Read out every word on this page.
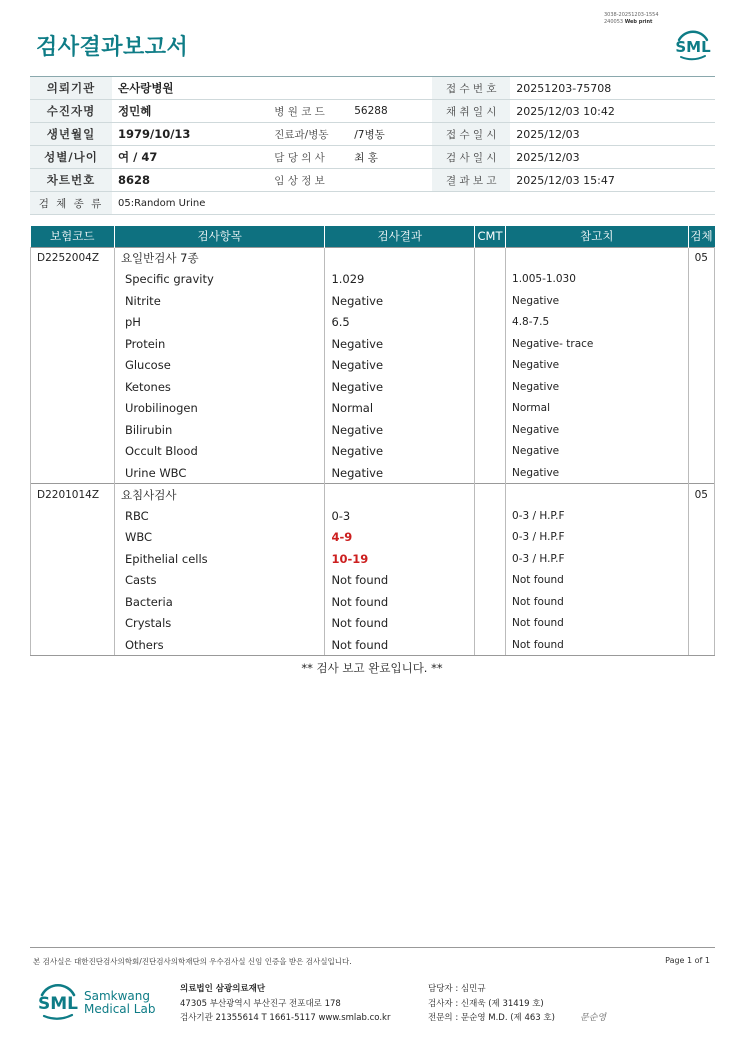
3038-20251203-1554
240053 Web print
검사결과보고서	SML
의뢰기관	온사랑병원			접 수 번 호	20251203-75708
수진자명	정민혜	병 원 코 드	56288	채 취 일 시	2025/12/03 10:42
생년월일	1979/10/13	진료과/병동	/7병동	접 수 일 시	2025/12/03
성별/나이	여 / 47	담 당 의 사	최 홍	검 사 일 시	2025/12/03
차트번호	8628	임 상 정 보		결 과 보 고	2025/12/03 15:47
검 체 종 류	05:Random Urine				
보험코드	검사항목	검사결과	CMT	참고치	검체
D2252004Z	요일반검사 7종				05
	Specific gravity	1.029		1.005-1.030	
	Nitrite	Negative		Negative	
	pH	6.5		4.8-7.5	
	Protein	Negative		Negative- trace	
	Glucose	Negative		Negative	
	Ketones	Negative		Negative	
	Urobilinogen	Normal		Normal	
	Bilirubin	Negative		Negative	
	Occult Blood	Negative		Negative	
	Urine WBC	Negative		Negative	
D2201014Z	요침사검사				05
	RBC	0-3		0-3 / H.P.F	
	WBC	4-9		0-3 / H.P.F	
	Epithelial cells	10-19		0-3 / H.P.F	
	Casts	Not found		Not found	
	Bacteria	Not found		Not found	
	Crystals	Not found		Not found	
	Others	Not found		Not found	
** 검사 보고 완료입니다. **
본 검사실은 대한진단검사의학회/진단검사의학재단의 우수검사실 신임 인증을 받은 검사실입니다.	Page 1 of 1
SML Samkwang
Medical Lab
의료법인 삼광의료재단
47305 부산광역시 부산진구 전포대로 178
검사기관 21355614 T 1661-5117 www.smlab.co.kr
담당자 : 심민규
검사자 : 신재욱 (제 31419 호)
전문의 : 문순영 M.D. (제 463 호)	문순영
